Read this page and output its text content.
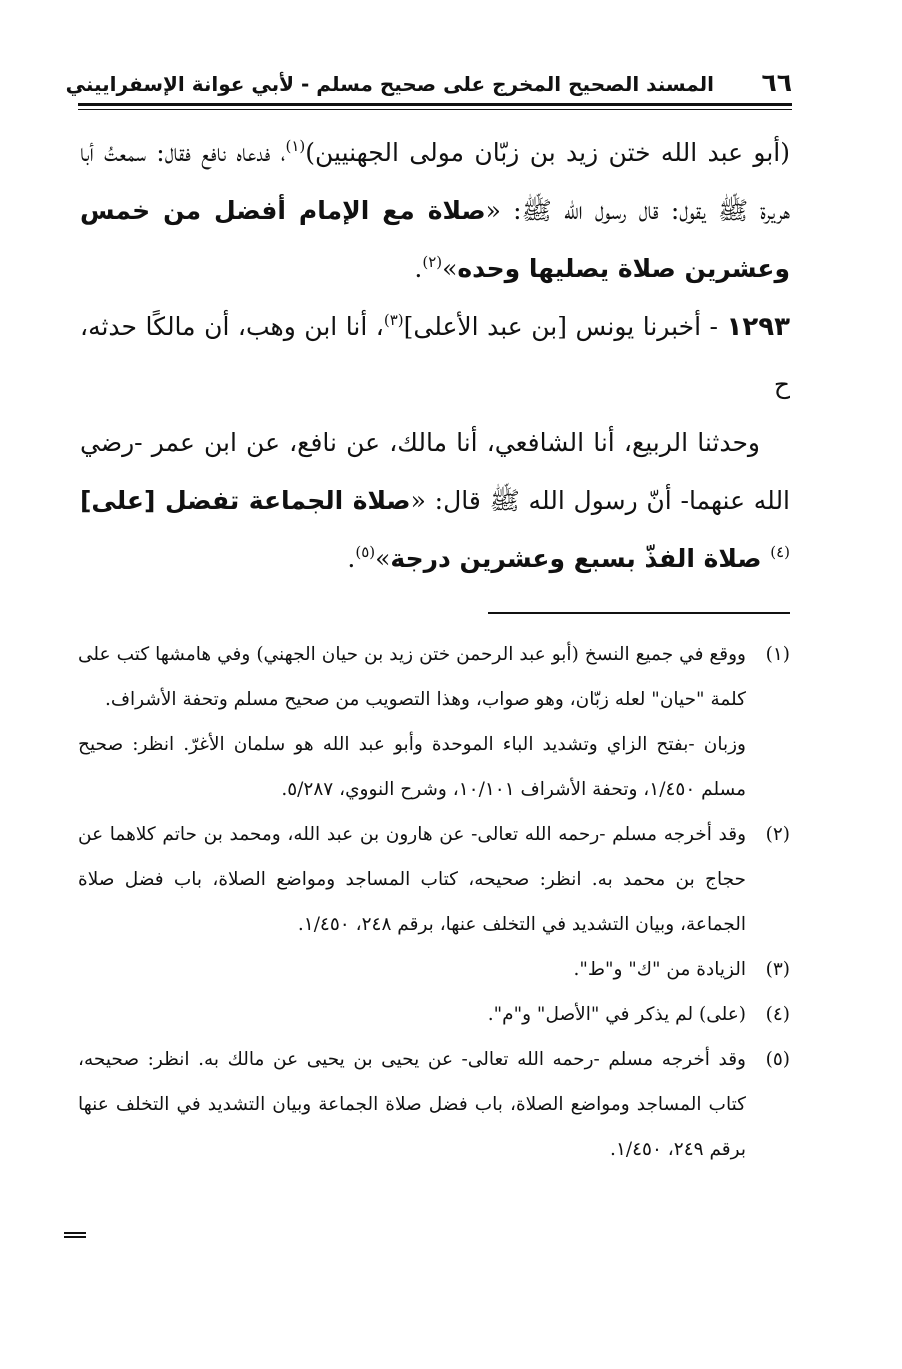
٦٦
المسند الصحيح المخرج على صحيح مسلم - لأبي عوانة الإسفراييني

(أبو عبد الله ختن زيد بن زبّان مولى الجهنيين)$^{(١)}$، فدعاه نافع فقال: سمعتُ أبا هريرة ﷺ يقول: قال رسول الله ﷺ: «صلاة مع الإمام أفضل من خمس وعشرين صلاة يصليها وحده»$^{(٢)}$.

١٢٩٣ - أخبرنا يونس [بن عبد الأعلى]$^{(٣)}$، أنا ابن وهب، أن مالكًا حدثه، ح

وحدثنا الربيع، أنا الشافعي، أنا مالك، عن نافع، عن ابن عمر -رضي الله عنهما- أنّ رسول الله ﷺ قال: «صلاة الجماعة تفضل [على]$^{(٤)}$ صلاة الفذّ بسبع وعشرين درجة»$^{(٥)}$.

(١)
ووقع في جميع النسخ (أبو عبد الرحمن ختن زيد بن حيان الجهني) وفي هامشها كتب على كلمة "حيان" لعله زبّان، وهو صواب، وهذا التصويب من صحيح مسلم وتحفة الأشراف.

وزبان -بفتح الزاي وتشديد الباء الموحدة وأبو عبد الله هو سلمان الأغرّ. انظر: صحيح مسلم ١/٤٥٠، وتحفة الأشراف ١٠/١٠١، وشرح النووي، ٥/٢٨٧.

(٢)
وقد أخرجه مسلم -رحمه الله تعالى- عن هارون بن عبد الله، ومحمد بن حاتم كلاهما عن حجاج بن محمد به. انظر: صحيحه، كتاب المساجد ومواضع الصلاة، باب فضل صلاة الجماعة، وبيان التشديد في التخلف عنها، برقم ٢٤٨، ١/٤٥٠.

(٣)
الزيادة من "ك" و"ط".

(٤)
(على) لم يذكر في "الأصل" و"م".

(٥)
وقد أخرجه مسلم -رحمه الله تعالى- عن يحيى بن يحيى عن مالك به. انظر: صحيحه، كتاب المساجد ومواضع الصلاة، باب فضل صلاة الجماعة وبيان التشديد في التخلف عنها برقم ٢٤٩، ١/٤٥٠.
